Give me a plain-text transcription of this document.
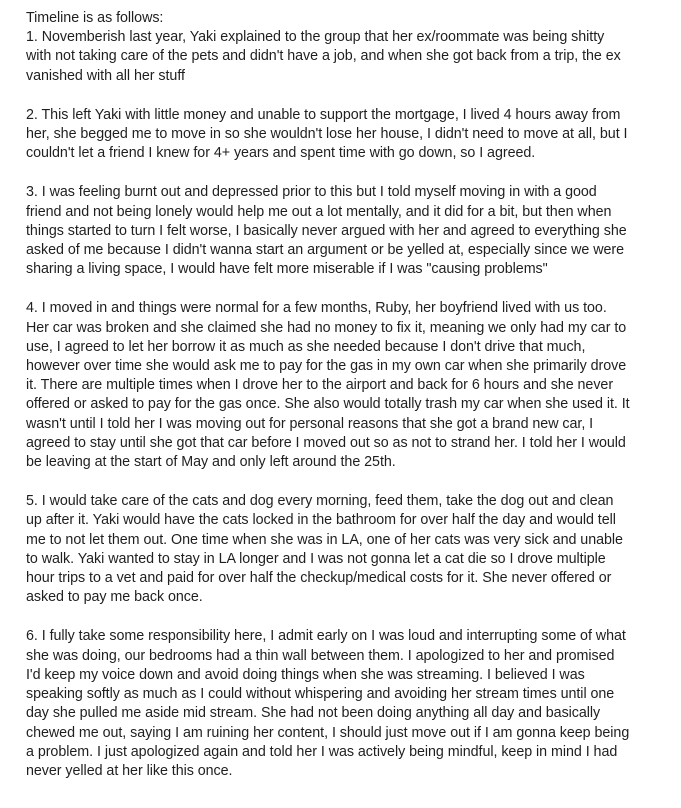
Timeline is as follows:
1. Novemberish last year, Yaki explained to the group that her ex/roommate was being shitty
with not taking care of the pets and didn't have a job, and when she got back from a trip, the ex
vanished with all her stuff
2. This left Yaki with little money and unable to support the mortgage, I lived 4 hours away from
her, she begged me to move in so she wouldn't lose her house, I didn't need to move at all, but I
couldn't let a friend I knew for 4+ years and spent time with go down, so I agreed.
3. I was feeling burnt out and depressed prior to this but I told myself moving in with a good
friend and not being lonely would help me out a lot mentally, and it did for a bit, but then when
things started to turn I felt worse, I basically never argued with her and agreed to everything she
asked of me because I didn't wanna start an argument or be yelled at, especially since we were
sharing a living space, I would have felt more miserable if I was "causing problems"
4. I moved in and things were normal for a few months, Ruby, her boyfriend lived with us too.
Her car was broken and she claimed she had no money to fix it, meaning we only had my car to
use, I agreed to let her borrow it as much as she needed because I don't drive that much,
however over time she would ask me to pay for the gas in my own car when she primarily drove
it. There are multiple times when I drove her to the airport and back for 6 hours and she never
offered or asked to pay for the gas once. She also would totally trash my car when she used it. It
wasn't until I told her I was moving out for personal reasons that she got a brand new car, I
agreed to stay until she got that car before I moved out so as not to strand her. I told her I would
be leaving at the start of May and only left around the 25th.
5. I would take care of the cats and dog every morning, feed them, take the dog out and clean
up after it. Yaki would have the cats locked in the bathroom for over half the day and would tell
me to not let them out. One time when she was in LA, one of her cats was very sick and unable
to walk. Yaki wanted to stay in LA longer and I was not gonna let a cat die so I drove multiple
hour trips to a vet and paid for over half the checkup/medical costs for it. She never offered or
asked to pay me back once.
6. I fully take some responsibility here, I admit early on I was loud and interrupting some of what
she was doing, our bedrooms had a thin wall between them. I apologized to her and promised
I'd keep my voice down and avoid doing things when she was streaming. I believed I was
speaking softly as much as I could without whispering and avoiding her stream times until one
day she pulled me aside mid stream. She had not been doing anything all day and basically
chewed me out, saying I am ruining her content, I should just move out if I am gonna keep being
a problem. I just apologized again and told her I was actively being mindful, keep in mind I had
never yelled at her like this once.
